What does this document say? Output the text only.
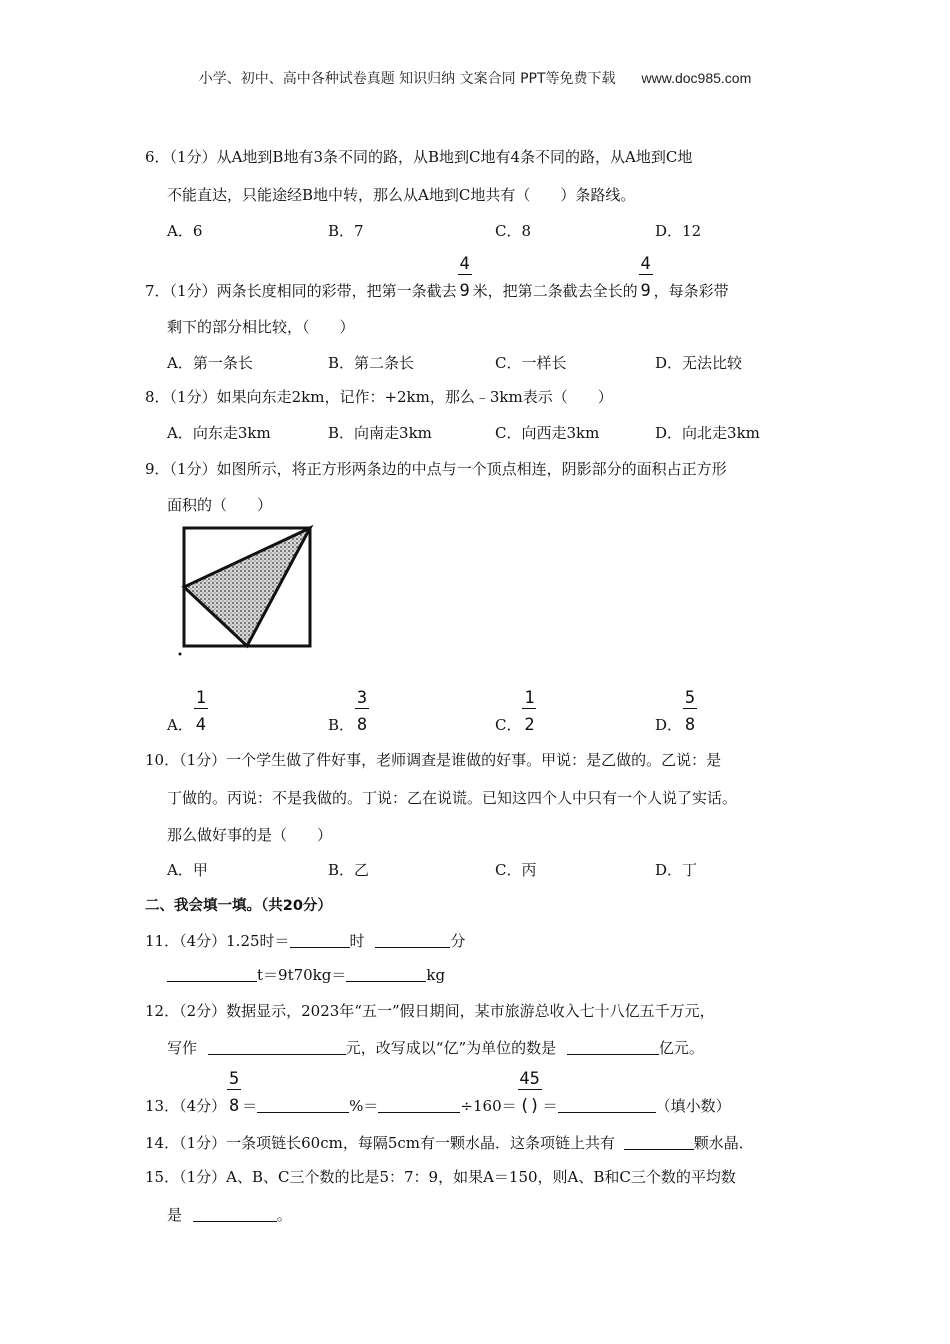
小学、初中、高中各种试卷真题 知识归纳 文案合同 PPT等免费下载 www.doc985.com
6．（1分）从A地到B地有3条不同的路，从B地到C地有4条不同的路，从A地到C地
不能直达，只能途经B地中转，那么从A地到C地共有（　　）条路线。
A．6	B．7	C．8	D．12
7．（1分）两条长度相同的彩带，把第一条截去 $\frac{4}{9}$米，把第二条截去全长的 $\frac{4}{9}$，每条彩带
剩下的部分相比较，（　　）
A．第一条长	B．第二条长	C．一样长	D．无法比较
8．（1分）如果向东走2km，记作：+2km，那么﹣3km表示（　　）
A．向东走3km	B．向南走3km	C．向西走3km	D．向北走3km
9．（1分）如图所示，将正方形两条边的中点与一个顶点相连，阴影部分的面积占正方形
面积的（　　）
A． $\frac{1}{4}$	B． $\frac{3}{8}$	C． $\frac{1}{2}$	D． $\frac{5}{8}$
10．（1分）一个学生做了件好事，老师调查是谁做的好事。甲说：是乙做的。乙说：是
丁做的。丙说：不是我做的。丁说：乙在说谎。已知这四个人中只有一个人说了实话。
那么做好事的是（　　）
A．甲	B．乙	C．丙	D．丁
二、我会填一填。（共20分）
11．（4分）1.25时＝	时	分
t＝9t70kg＝	kg
12．（2分）数据显示，2023年“五一”假日期间，某市旅游总收入七十八亿五千万元，
写作	元，改写成以“亿”为单位的数是	亿元。
13．（4分） $\frac{5}{8}=$	%＝	$\div 160= \frac{45}{()}=$	（填小数）
14．（1分）一条项链长60cm，每隔5cm有一颗水晶．这条项链上共有	颗水晶．
15．（1分）A、B、C三个数的比是5：7：9，如果A＝150，则A、B和C三个数的平均数
是	。
